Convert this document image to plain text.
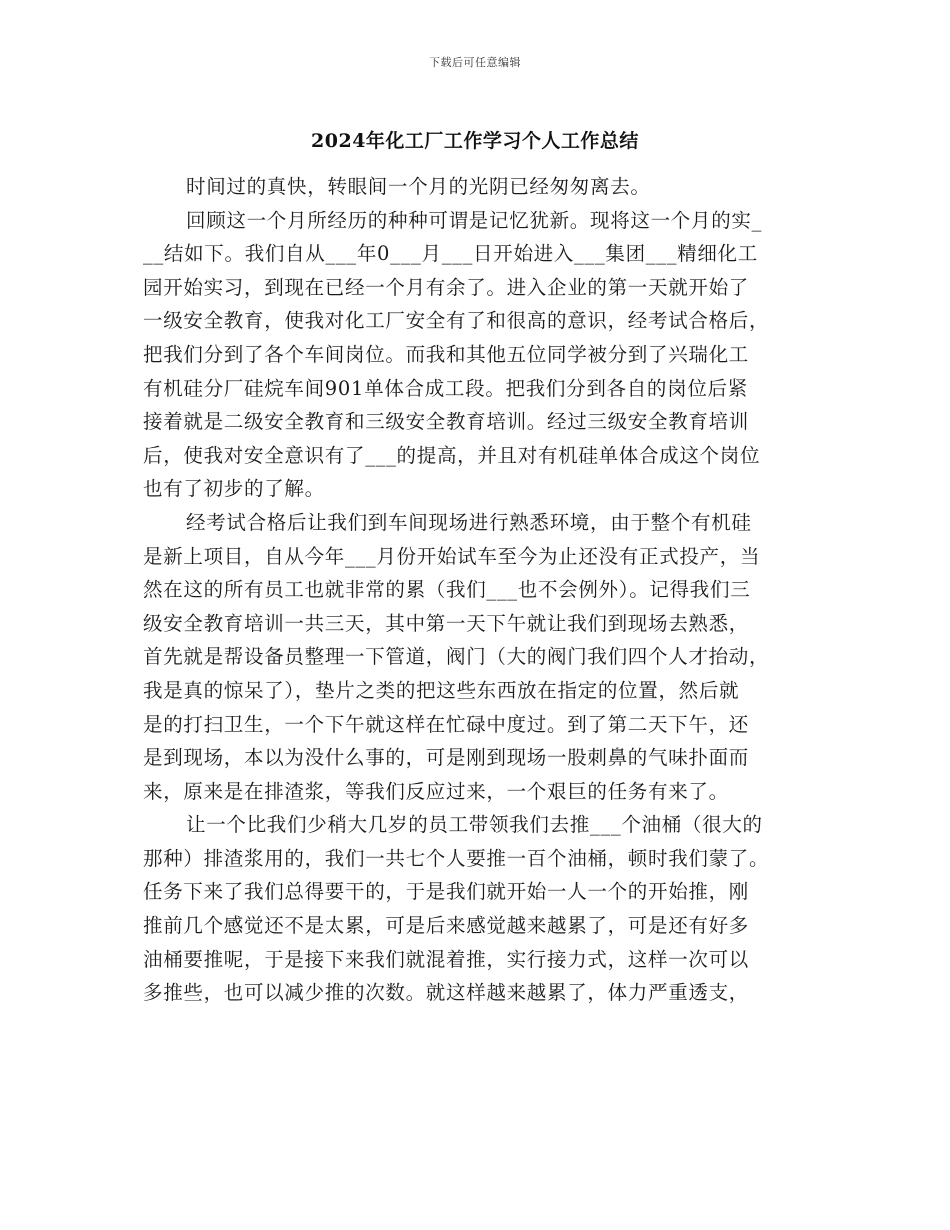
下载后可任意编辑
2024年化工厂工作学习个人工作总结
时间过的真快，转眼间一个月的光阴已经匆匆离去。
回顾这一个月所经历的种种可谓是记忆犹新。现将这一个月的实_
__结如下。我们自从___年0___月___日开始进入___集团___精细化工
园开始实习，到现在已经一个月有余了。进入企业的第一天就开始了
一级安全教育，使我对化工厂安全有了和很高的意识，经考试合格后，
把我们分到了各个车间岗位。而我和其他五位同学被分到了兴瑞化工
有机硅分厂硅烷车间901单体合成工段。把我们分到各自的岗位后紧
接着就是二级安全教育和三级安全教育培训。经过三级安全教育培训
后，使我对安全意识有了___的提高，并且对有机硅单体合成这个岗位
也有了初步的了解。
经考试合格后让我们到车间现场进行熟悉环境，由于整个有机硅
是新上项目，自从今年___月份开始试车至今为止还没有正式投产，当
然在这的所有员工也就非常的累（我们___也不会例外）。记得我们三
级安全教育培训一共三天，其中第一天下午就让我们到现场去熟悉，
首先就是帮设备员整理一下管道，阀门（大的阀门我们四个人才抬动，
我是真的惊呆了），垫片之类的把这些东西放在指定的位置，然后就
是的打扫卫生，一个下午就这样在忙碌中度过。到了第二天下午，还
是到现场，本以为没什么事的，可是刚到现场一股刺鼻的气味扑面而
来，原来是在排渣浆，等我们反应过来，一个艰巨的任务有来了。
让一个比我们少稍大几岁的员工带领我们去推___个油桶（很大的
那种）排渣浆用的，我们一共七个人要推一百个油桶，顿时我们蒙了。
任务下来了我们总得要干的，于是我们就开始一人一个的开始推，刚
推前几个感觉还不是太累，可是后来感觉越来越累了，可是还有好多
油桶要推呢，于是接下来我们就混着推，实行接力式，这样一次可以
多推些，也可以减少推的次数。就这样越来越累了，体力严重透支，
